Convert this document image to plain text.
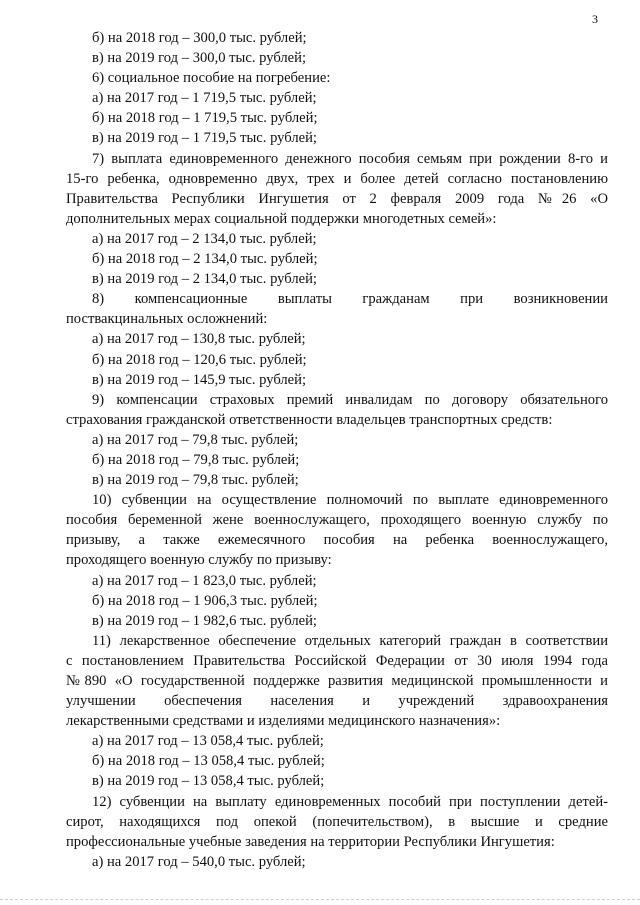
3
б) на 2018 год – 300,0 тыс. рублей;
в) на 2019 год – 300,0 тыс. рублей;
6) социальное пособие на погребение:
а) на 2017 год – 1 719,5 тыс. рублей;
б) на 2018 год – 1 719,5 тыс. рублей;
в) на 2019 год – 1 719,5 тыс. рублей;
7) выплата единовременного денежного пособия семьям при рождении 8-го и
15-го ребенка, одновременно двух, трех и более детей согласно постановлению
Правительства Республики Ингушетия от 2 февраля 2009 года №26 «О
дополнительных мерах социальной поддержки многодетных семей»:
а) на 2017 год – 2 134,0 тыс. рублей;
б) на 2018 год – 2 134,0 тыс. рублей;
в) на 2019 год – 2 134,0 тыс. рублей;
8) компенсационные выплаты гражданам при возникновении
поствакцинальных осложнений:
а) на 2017 год – 130,8 тыс. рублей;
б) на 2018 год – 120,6 тыс. рублей;
в) на 2019 год – 145,9 тыс. рублей;
9) компенсации страховых премий инвалидам по договору обязательного
страхования гражданской ответственности владельцев транспортных средств:
а) на 2017 год – 79,8 тыс. рублей;
б) на 2018 год – 79,8 тыс. рублей;
в) на 2019 год – 79,8 тыс. рублей;
10) субвенции на осуществление полномочий по выплате единовременного
пособия беременной жене военнослужащего, проходящего военную службу по
призыву, а также ежемесячного пособия на ребенка военнослужащего,
проходящего военную службу по призыву:
а) на 2017 год – 1 823,0 тыс. рублей;
б) на 2018 год – 1 906,3 тыс. рублей;
в) на 2019 год – 1 982,6 тыс. рублей;
11) лекарственное обеспечение отдельных категорий граждан в соответствии
с постановлением Правительства Российской Федерации от 30 июля 1994 года
№890 «О государственной поддержке развития медицинской промышленности и
улучшении обеспечения населения и учреждений здравоохранения
лекарственными средствами и изделиями медицинского назначения»:
а) на 2017 год – 13 058,4 тыс. рублей;
б) на 2018 год – 13 058,4 тыс. рублей;
в) на 2019 год – 13 058,4 тыс. рублей;
12) субвенции на выплату единовременных пособий при поступлении детей-
сирот, находящихся под опекой (попечительством), в высшие и средние
профессиональные учебные заведения на территории Республики Ингушетия:
а) на 2017 год – 540,0 тыс. рублей;
